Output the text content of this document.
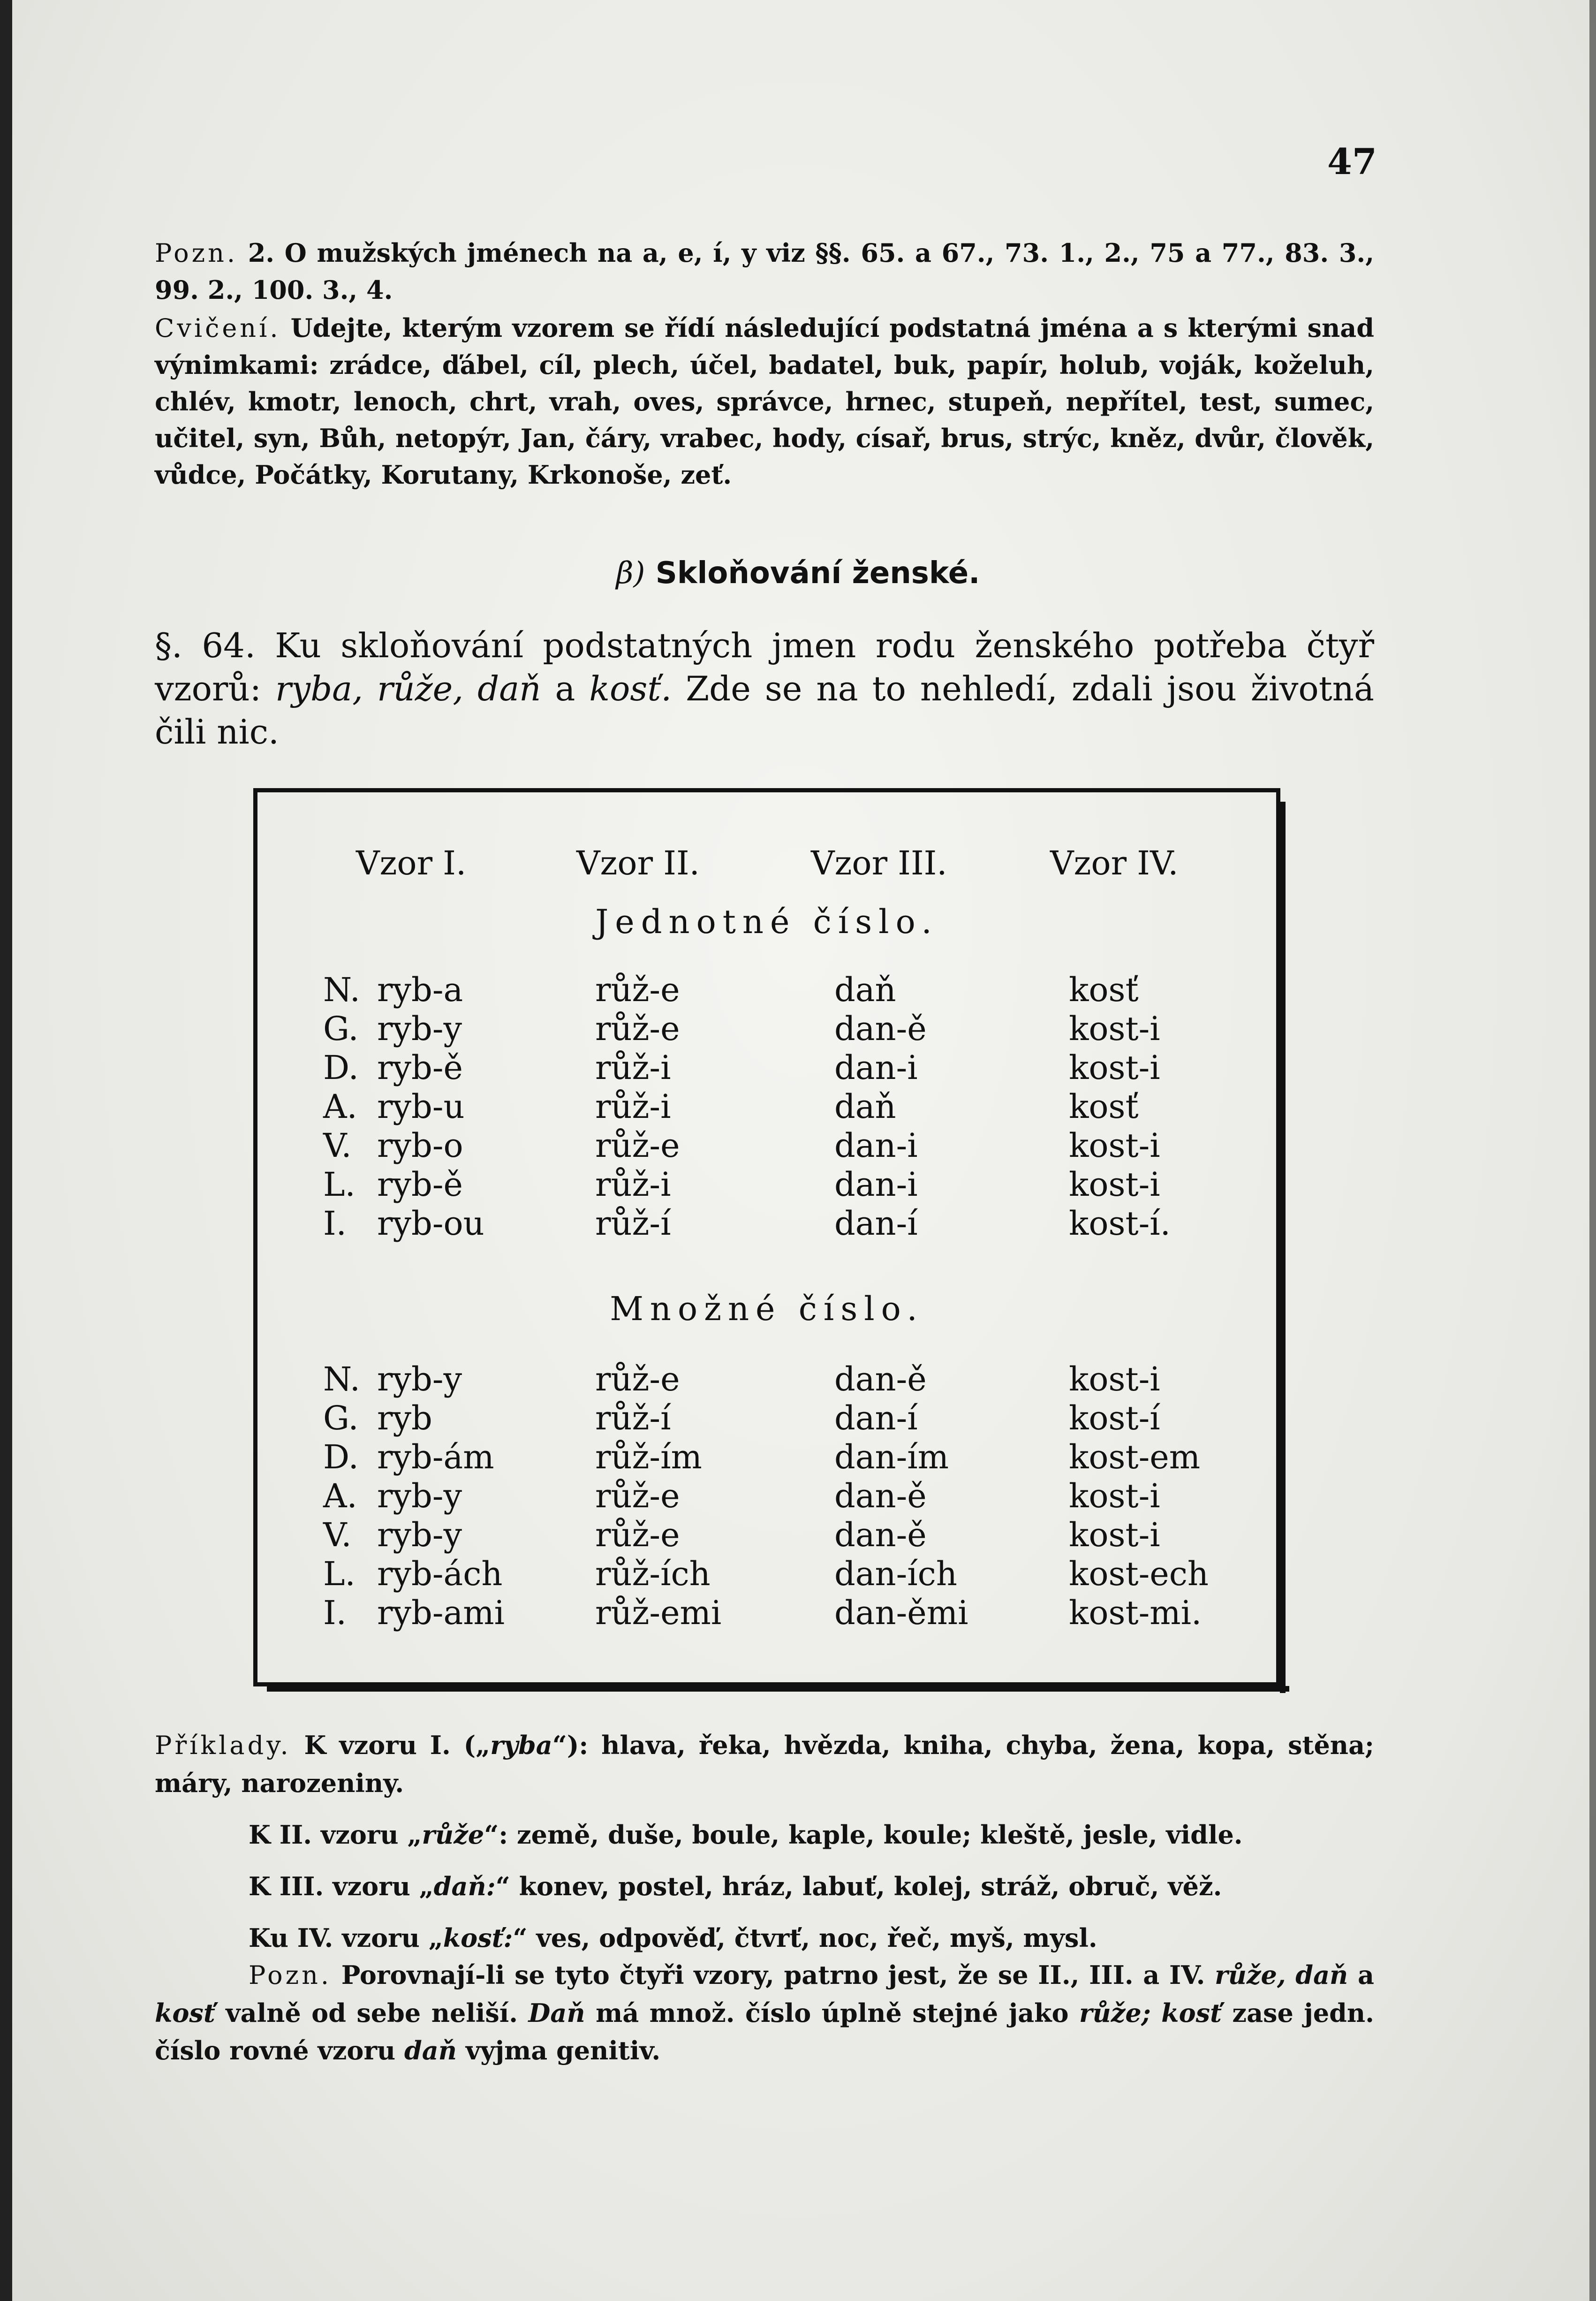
47

Pozn. 2. O mužských jménech na a, e, í, y viz §§. 65. a 67., 73. 1., 2., 75 a 77., 83. 3., 99. 2., 100. 3., 4.

Cvičení. Udejte, kterým vzorem se řídí následující podstatná jména a s kterými snad výnimkami: zrádce, ďábel, cíl, plech, účel, badatel, buk, papír, holub, voják, koželuh, chlév, kmotr, lenoch, chrt, vrah, oves, správce, hrnec, stupeň, nepřítel, test, sumec, učitel, syn, Bůh, netopýr, Jan, čáry, vrabec, hody, císař, brus, strýc, kněz, dvůr, člověk, vůdce, Počátky, Korutany, Krkonoše, zeť.

β) Skloňování ženské.
§. 64. Ku skloňování podstatných jmen rodu ženského potřeba čtyř vzorů: ryba, růže, daň a kosť. Zde se na to nehledí, zdali jsou životná čili nic.
Vzor I.	Vzor II.	Vzor III.	Vzor IV.
Jednotné číslo.
N. ryb-a	růž-e	daň	kosť
G. ryb-y	růž-e	dan-ě	kost-i
D. ryb-ě	růž-i	dan-i	kost-i
A. ryb-u	růž-i	daň	kosť
V. ryb-o	růž-e	dan-i	kost-i
L. ryb-ě	růž-i	dan-i	kost-i
I. ryb-ou	růž-í	dan-í	kost-í.
Množné číslo.
N. ryb-y	růž-e	dan-ě	kost-i
G. ryb	růž-í	dan-í	kost-í
D. ryb-ám	růž-ím	dan-ím	kost-em
A. ryb-y	růž-e	dan-ě	kost-i
V. ryb-y	růž-e	dan-ě	kost-i
L. ryb-ách	růž-ích	dan-ích	kost-ech
I. ryb-ami	růž-emi	dan-ěmi	kost-mi.

Příklady. K vzoru I. („ryba“): hlava, řeka, hvězda, kniha, chyba, žena, kopa, stěna; máry, narozeniny.

K II. vzoru „růže“: země, duše, boule, kaple, koule; kleště, jesle, vidle.

K III. vzoru „daň:“ konev, postel, hráz, labuť, kolej, stráž, obruč, věž.

Ku IV. vzoru „kosť:“ ves, odpověď, čtvrť, noc, řeč, myš, mysl.

Pozn. Porovnají-li se tyto čtyři vzory, patrno jest, že se II., III. a IV. růže, daň a kosť valně od sebe neliší. Daň má množ. číslo úplně stejné jako růže; kosť zase jedn. číslo rovné vzoru daň vyjma genitiv.
